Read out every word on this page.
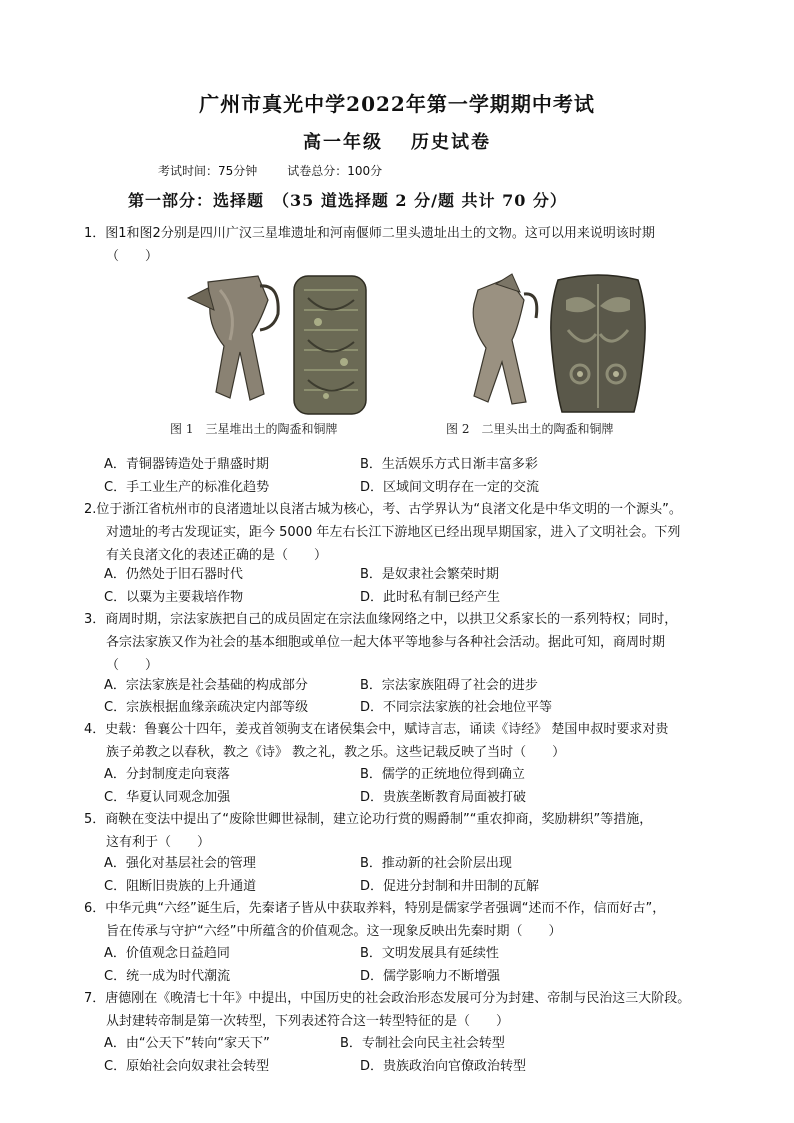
广州市真光中学2022年第一学期期中考试
高一年级 历史试卷
考试时间：75分钟	试卷总分：100分
第一部分：选择题　（35 道选择题 2 分/题 共计 70 分）
1．图1和图2分别是四川广汉三星堆遗址和河南偃师二里头遗址出土的文物。这可以用来说明该时期
（　　）
图 1　三星堆出土的陶盉和铜牌	图 2　二里头出土的陶盉和铜牌
A．青铜器铸造处于鼎盛时期	B．生活娱乐方式日渐丰富多彩
C．手工业生产的标准化趋势	D．区域间文明存在一定的交流
2.位于浙江省杭州市的良渚遗址以良渚古城为核心，考、古学界认为“良渚文化是中华文明的一个源头”。
对遗址的考古发现证实，距今 5000 年左右长江下游地区已经出现早期国家，进入了文明社会。下列
有关良渚文化的表述正确的是（　　）
A．仍然处于旧石器时代	B．是奴隶社会繁荣时期
C．以粟为主要栽培作物	D．此时私有制已经产生
3．商周时期，宗法家族把自己的成员固定在宗法血缘网络之中，以拱卫父系家长的一系列特权；同时，
各宗法家族又作为社会的基本细胞或单位一起大体平等地参与各种社会活动。据此可知，商周时期
（　　）
A．宗法家族是社会基础的构成部分	B．宗法家族阻碍了社会的进步
C．宗族根据血缘亲疏决定内部等级	D．不同宗法家族的社会地位平等
4．史载：鲁襄公十四年，姜戎首领驹支在诸侯集会中，赋诗言志，诵读《诗经》 楚国申叔时要求对贵
族子弟教之以春秋，教之《诗》 教之礼，教之乐。这些记载反映了当时（　　）
A．分封制度走向衰落	B．儒学的正统地位得到确立
C．华夏认同观念加强	D．贵族垄断教育局面被打破
5．商鞅在变法中提出了“废除世卿世禄制，建立论功行赏的赐爵制”“重农抑商，奖励耕织”等措施，
这有利于（　　）
A．强化对基层社会的管理	B．推动新的社会阶层出现
C．阻断旧贵族的上升通道	D．促进分封制和井田制的瓦解
6．中华元典“六经”诞生后，先秦诸子皆从中获取养料，特别是儒家学者强调“述而不作，信而好古”，
旨在传承与守护“六经”中所蕴含的价值观念。这一现象反映出先秦时期（　　）
A．价值观念日益趋同	B．文明发展具有延续性
C．统一成为时代潮流	D．儒学影响力不断增强
7．唐德刚在《晚清七十年》中提出，中国历史的社会政治形态发展可分为封建、帝制与民治这三大阶段。
从封建转帝制是第一次转型，下列表述符合这一转型特征的是（　　）
A．由“公天下”转向“家天下”	B．专制社会向民主社会转型
C．原始社会向奴隶社会转型	D．贵族政治向官僚政治转型
